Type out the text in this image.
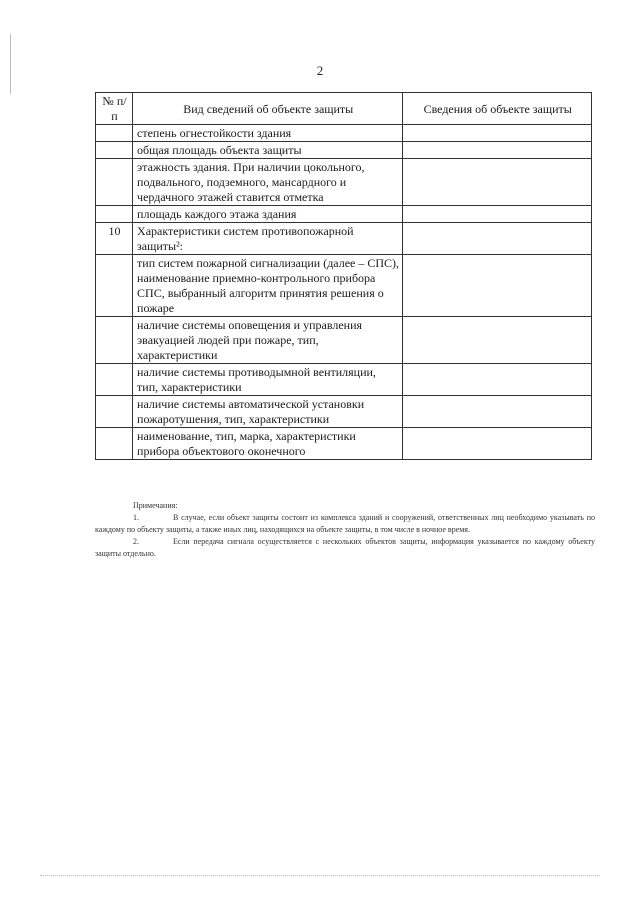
2
№ п/п	Вид сведений об объекте защиты	Сведения об объекте защиты
	степень огнестойкости здания	
	общая площадь объекта защиты	
	этажность здания. При наличии цокольного, подвального, подземного, мансардного и чердачного этажей ставится отметка	
	площадь каждого этажа здания	
10	Характеристики систем противопожарной защиты²:	
	тип систем пожарной сигнализации (далее – СПС), наименование приемно-контрольного прибора СПС, выбранный алгоритм принятия решения о пожаре	
	наличие системы оповещения и управления эвакуацией людей при пожаре, тип, характеристики	
	наличие системы противодымной вентиляции, тип, характеристики	
	наличие системы автоматической установки пожаротушения, тип, характеристики	
	наименование, тип, марка, характеристики прибора объектового оконечного	

Примечания:

1.	В случае, если объект защиты состоит из комплекса зданий и сооружений, ответственных лиц необходимо указывать по каждому по объекту защиты, а также иных лиц, находящихся на объекте защиты, в том числе в ночное время.

2.	Если передача сигнала осуществляется с нескольких объектов защиты, информация указывается по каждому объекту защиты отдельно.
